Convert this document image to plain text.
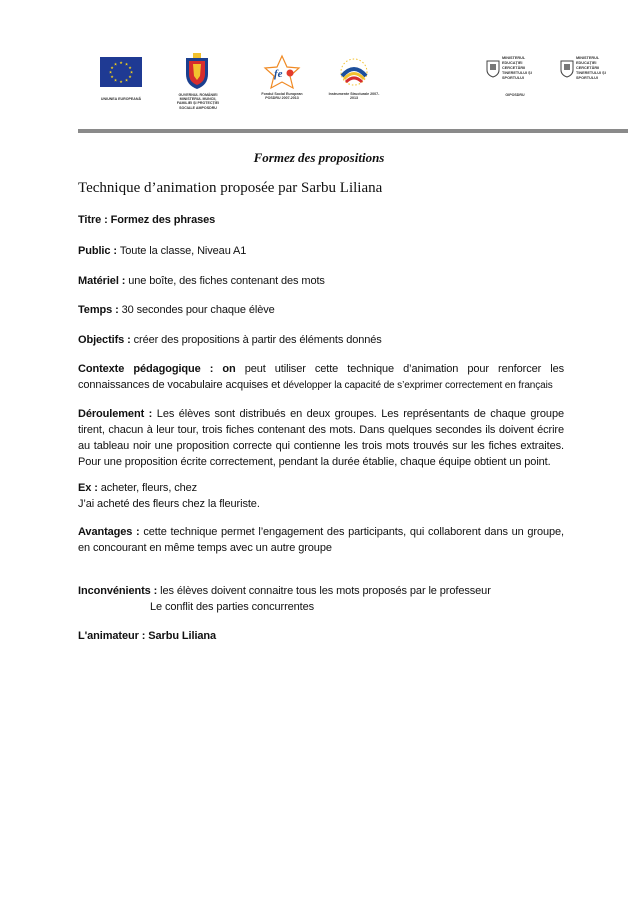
★ ★
★
★
★
★
★
★
★
★
★
★
UNIUNEA EUROPEANĂ
GUVERNUL ROMÂNIEI MINISTERUL MUNCII, FAMILIEI ȘI PROTECȚIEI SOCIALE AMPOSDRU
fe
Fondul Social European POSDRU 2007-2013
Instrumente Structurale 2007-2013
MINISTERUL EDUCAȚIEI CERCETĂRII TINERETULUI ȘI SPORTULUI
OIPOSDRU
MINISTERUL EDUCAȚIEI CERCETĂRII TINERETULUI ȘI SPORTULUI
Formez des propositions
Technique d’animation proposée par Sarbu Liliana
Titre : Formez des phrases
Public : Toute la classe, Niveau A1
Matériel : une boîte, des fiches contenant des mots
Temps : 30 secondes pour chaque élève
Objectifs : créer des propositions à partir des éléments donnés
Contexte pédagogique : on peut utiliser cette technique d’animation pour renforcer les connaissances de vocabulaire acquises et développer la capacité de s’exprimer correctement en français
Déroulement : Les élèves sont distribués en deux groupes. Les représentants de chaque groupe tirent, chacun à leur tour, trois fiches contenant des mots. Dans quelques secondes ils doivent écrire au tableau noir une proposition correcte qui contienne les trois mots trouvés sur les fiches extraites. Pour une proposition écrite correctement, pendant la durée établie, chaque équipe obtient un point.
Ex : acheter, fleurs, chez
J’ai acheté des fleurs chez la fleuriste.
Avantages : cette technique permet l’engagement des participants, qui collaborent dans un groupe, en concourant en même temps avec un autre groupe
Inconvénients : les élèves doivent connaitre tous les mots proposés par le professeur
Le conflit des parties concurrentes
L'animateur : Sarbu Liliana
